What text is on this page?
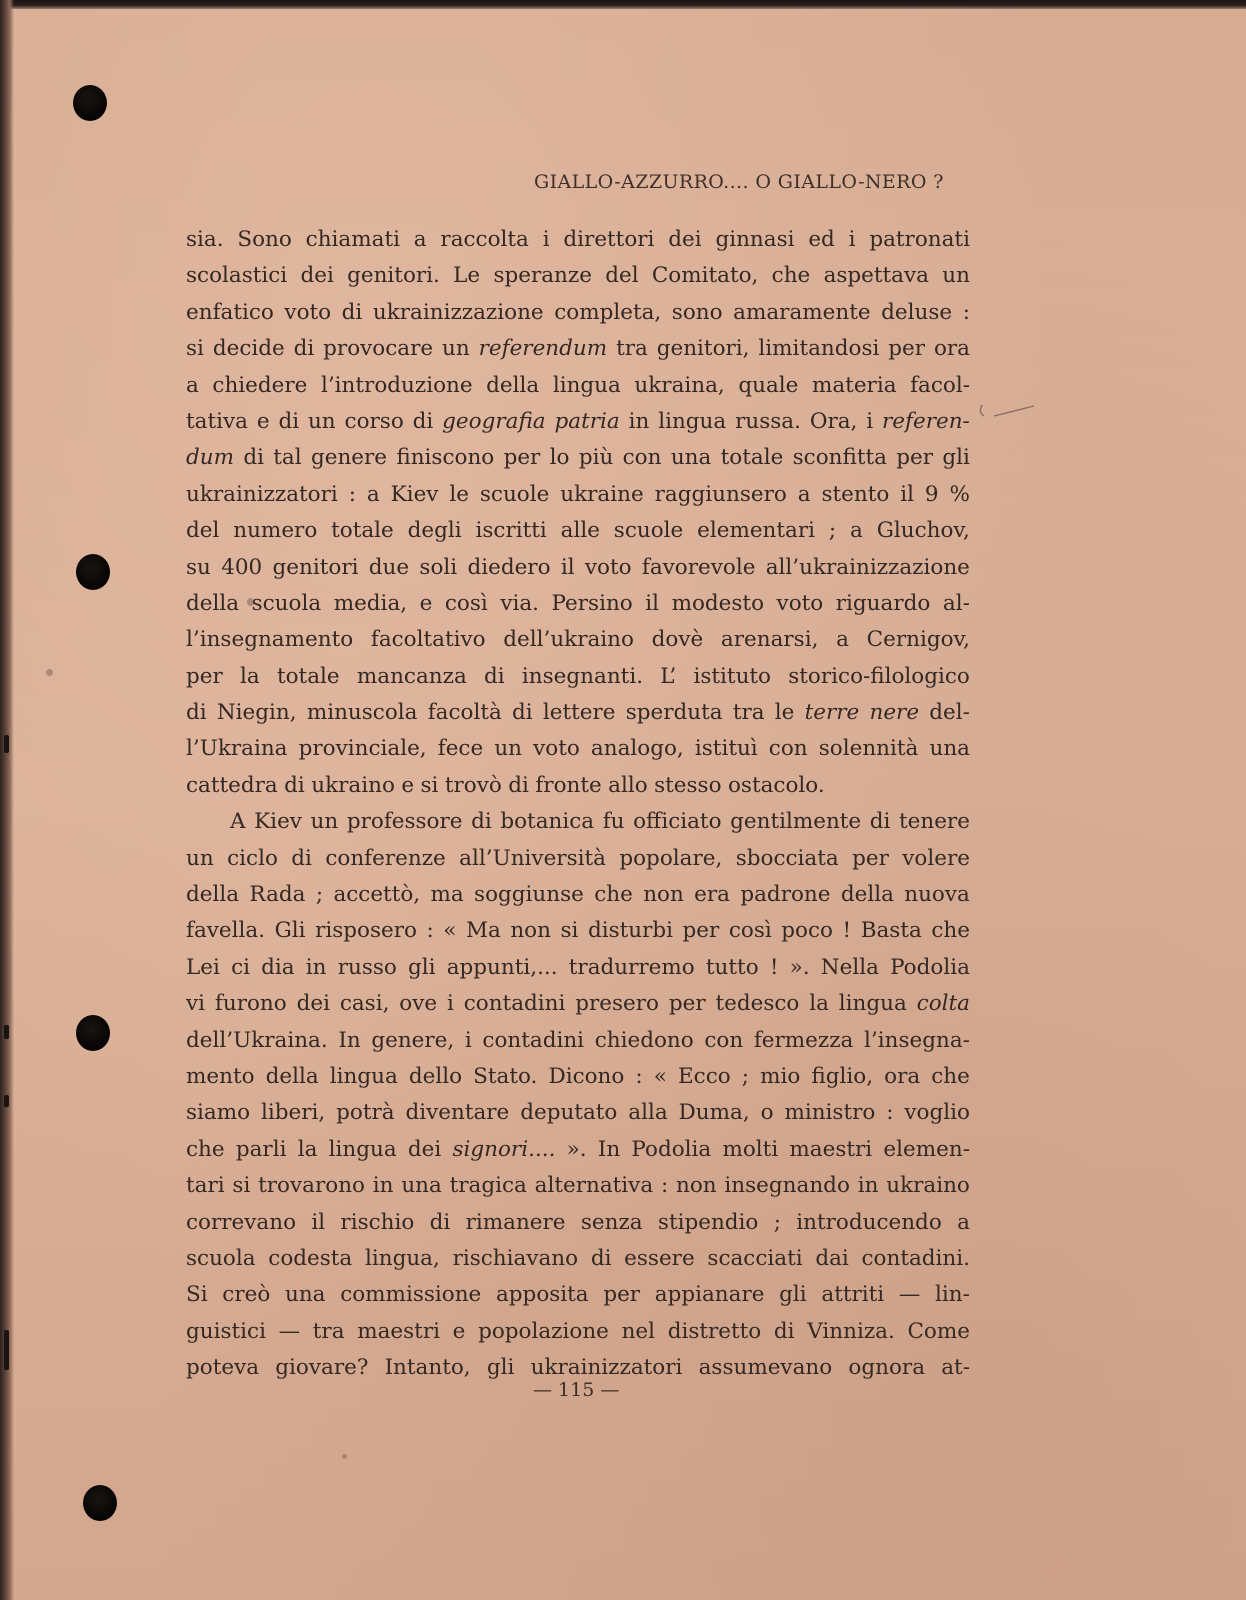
GIALLO-AZZURRO.... O GIALLO-NERO ?
sia. Sono chiamati a raccolta i direttori dei ginnasi ed i patronati
scolastici dei genitori. Le speranze del Comitato, che aspettava un
enfatico voto di ukrainizzazione completa, sono amaramente deluse :
si decide di provocare un referendum tra genitori, limitandosi per ora
a chiedere l’introduzione della lingua ukraina, quale materia facol-
tativa e di un corso di geografia patria in lingua russa. Ora, i referen-
dum di tal genere finiscono per lo più con una totale sconfitta per gli
ukrainizzatori : a Kiev le scuole ukraine raggiunsero a stento il 9 %
del numero totale degli iscritti alle scuole elementari ; a Gluchov,
su 400 genitori due soli diedero il voto favorevole all’ukrainizzazione
della scuola media, e così via. Persino il modesto voto riguardo al-
l’insegnamento facoltativo dell’ukraino dovè arenarsi, a Cernigov,
per la totale mancanza di insegnanti. L’ istituto storico-filologico
di Niegin, minuscola facoltà di lettere sperduta tra le terre nere del-
l’Ukraina provinciale, fece un voto analogo, istituì con solennità una
cattedra di ukraino e si trovò di fronte allo stesso ostacolo.
A Kiev un professore di botanica fu officiato gentilmente di tenere
un ciclo di conferenze all’Università popolare, sbocciata per volere
della Rada ; accettò, ma soggiunse che non era padrone della nuova
favella. Gli risposero : « Ma non si disturbi per così poco ! Basta che
Lei ci dia in russo gli appunti,... tradurremo tutto ! ». Nella Podolia
vi furono dei casi, ove i contadini presero per tedesco la lingua colta
dell’Ukraina. In genere, i contadini chiedono con fermezza l’insegna-
mento della lingua dello Stato. Dicono : « Ecco ; mio figlio, ora che
siamo liberi, potrà diventare deputato alla Duma, o ministro : voglio
che parli la lingua dei signori.... ». In Podolia molti maestri elemen-
tari si trovarono in una tragica alternativa : non insegnando in ukraino
correvano il rischio di rimanere senza stipendio ; introducendo a
scuola codesta lingua, rischiavano di essere scacciati dai contadini.
Si creò una commissione apposita per appianare gli attriti — lin-
guistici — tra maestri e popolazione nel distretto di Vinniza. Come
poteva giovare? Intanto, gli ukrainizzatori assumevano ognora at-
— 115 —
